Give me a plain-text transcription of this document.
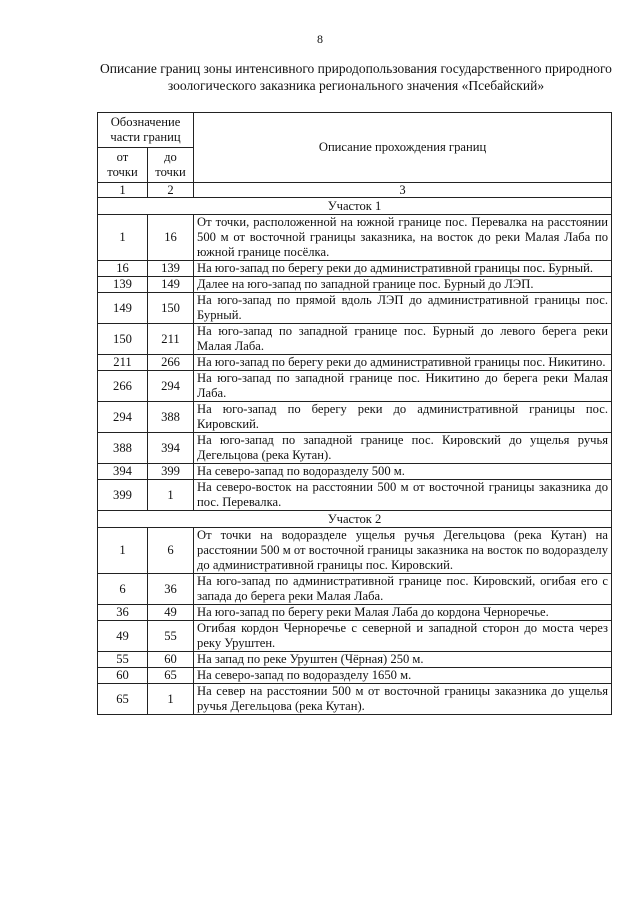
8
Описание границ зоны интенсивного природопользования государственного природного зоологического заказника регионального значения «Псебайский»
Обозначение части границ		Описание прохождения границ
от точки	до точки	
1	2	3
Участок 1		
1	16	От точки, расположенной на южной границе пос. Перевалка на расстоянии 500 м от восточной границы заказника, на восток до реки Малая Лаба по южной границе посёлка.
16	139	На юго-запад по берегу реки до административной границы пос. Бурный.
139	149	Далее на юго-запад по западной границе пос. Бурный до ЛЭП.
149	150	На юго-запад по прямой вдоль ЛЭП до административной границы пос. Бурный.
150	211	На юго-запад по западной границе пос. Бурный до левого берега реки Малая Лаба.
211	266	На юго-запад по берегу реки до административной границы пос. Никитино.
266	294	На юго-запад по западной границе пос. Никитино до берега реки Малая Лаба.
294	388	На юго-запад по берегу реки до административной границы пос. Кировский.
388	394	На юго-запад по западной границе пос. Кировский до ущелья ручья Дегельцова (река Кутан).
394	399	На северо-запад по водоразделу 500 м.
399	1	На северо-восток на расстоянии 500 м от восточной границы заказника до пос. Перевалка.
Участок 2		
1	6	От точки на водоразделе ущелья ручья Дегельцова (река Кутан) на расстоянии 500 м от восточной границы заказника на восток по водоразделу до административной границы пос. Кировский.
6	36	На юго-запад по административной границе пос. Кировский, огибая его с запада до берега реки Малая Лаба.
36	49	На юго-запад по берегу реки Малая Лаба до кордона Черноречье.
49	55	Огибая кордон Черноречье с северной и западной сторон до моста через реку Уруштен.
55	60	На запад по реке Уруштен (Чёрная) 250 м.
60	65	На северо-запад по водоразделу 1650 м.
65	1	На север на расстоянии 500 м от восточной границы заказника до ущелья ручья Дегельцова (река Кутан).
